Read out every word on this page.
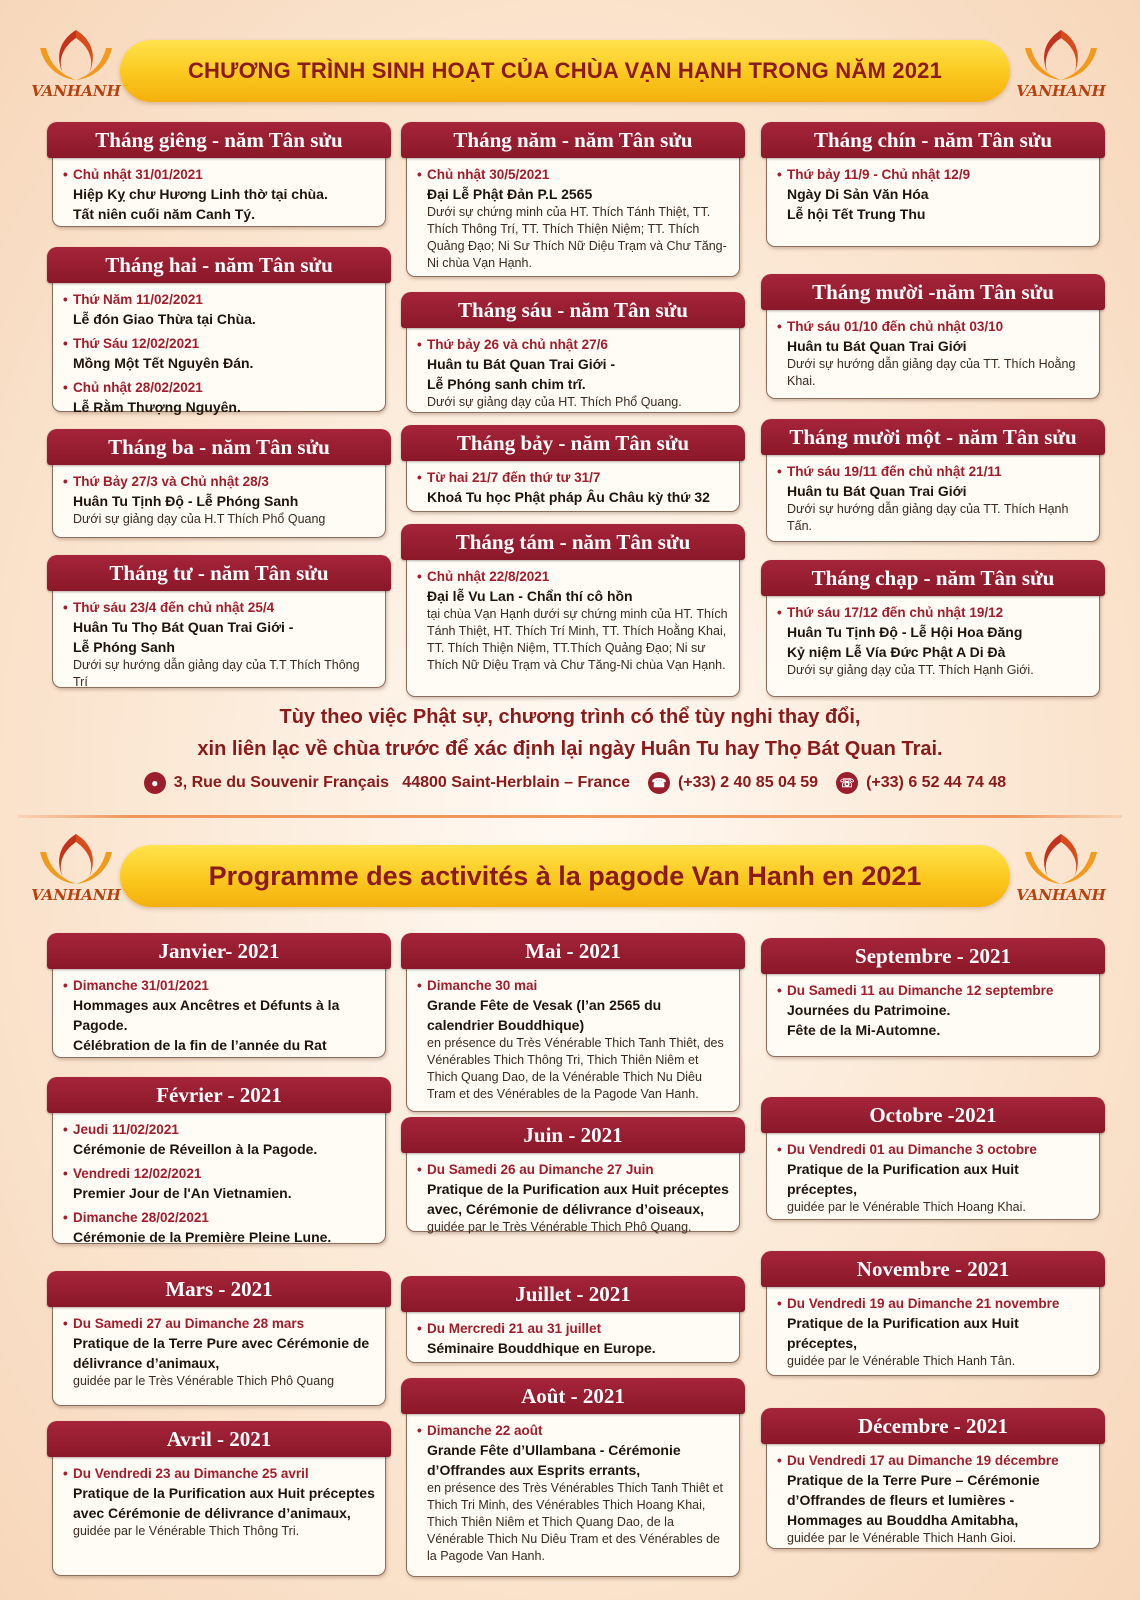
VANHANH	VANHANH
VANHANH	VANHANH
CHƯƠNG TRÌNH SINH HOẠT CỦA CHÙA VẠN HẠNH TRONG NĂM 2021
Programme des activités à la pagode Van Hanh en 2021
Tháng giêng - năm Tân sửu
• Chủ nhật 31/01/2021
Hiệp Kỵ chư Hương Linh thờ tại chùa.
Tất niên cuối năm Canh Tý.
Tháng hai - năm Tân sửu
• Thứ Năm 11/02/2021
Lễ đón Giao Thừa tại Chùa.
• Thứ Sáu 12/02/2021
Mồng Một Tết Nguyên Đán.
• Chủ nhật 28/02/2021
Lễ Rằm Thượng Nguyên.
Tháng ba - năm Tân sửu
• Thứ Bảy 27/3 và Chủ nhật 28/3
Huân Tu Tịnh Độ - Lễ Phóng Sanh
Dưới sự giảng dạy của H.T Thích Phổ Quang
Tháng tư - năm Tân sửu
• Thứ sáu 23/4 đến chủ nhật 25/4
Huân Tu Thọ Bát Quan Trai Giới -
Lễ Phóng Sanh
Dưới sự hướng dẫn giảng dạy của T.T Thích Thông Trí
Tháng năm - năm Tân sửu
• Chủ nhật 30/5/2021
Đại Lễ Phật Đản P.L 2565
Dưới sự chứng minh của HT. Thích Tánh Thiệt, TT. Thích Thông Trí, TT. Thích Thiện Niệm; TT. Thích Quảng Đạo; Ni Sư Thích Nữ Diệu Trạm và Chư Tăng-Ni chùa Vạn Hạnh.
Tháng sáu - năm Tân sửu
• Thứ bảy 26 và chủ nhật 27/6
Huân tu Bát Quan Trai Giới -
Lễ Phóng sanh chim trĩ.
Dưới sự giảng dạy của HT. Thích Phổ Quang.
Tháng bảy - năm Tân sửu
• Từ hai 21/7 đến thứ tư 31/7
Khoá Tu học Phật pháp Âu Châu kỳ thứ 32
Tháng tám - năm Tân sửu
• Chủ nhật 22/8/2021
Đại lễ Vu Lan - Chẩn thí cô hồn
tại chùa Vạn Hạnh dưới sự chứng minh của HT. Thích Tánh Thiệt, HT. Thích Trí Minh, TT. Thích Hoằng Khai, TT. Thích Thiện Niệm, TT.Thích Quảng Đạo; Ni sư Thích Nữ Diệu Trạm và Chư Tăng-Ni chùa Vạn Hạnh.
Tháng chín - năm Tân sửu
• Thứ bảy 11/9 - Chủ nhật 12/9
Ngày Di Sản Văn Hóa
Lễ hội Tết Trung Thu
Tháng mười -năm Tân sửu
• Thứ sáu 01/10 đến chủ nhật 03/10
Huân tu Bát Quan Trai Giới
Dưới sự hướng dẫn giảng dạy của TT. Thích Hoằng Khai.
Tháng mười một - năm Tân sửu
• Thứ sáu 19/11 đến chủ nhật 21/11
Huân tu Bát Quan Trai Giới
Dưới sự hướng dẫn giảng dạy của TT. Thích Hạnh Tấn.
Tháng chạp - năm Tân sửu
• Thứ sáu 17/12 đến chủ nhật 19/12
Huân Tu Tịnh Độ - Lễ Hội Hoa Đăng
Kỷ niệm Lễ Vía Đức Phật A Di Đà
Dưới sự giảng dạy của TT. Thích Hạnh Giới.
Janvier- 2021
• Dimanche 31/01/2021
Hommages aux Ancêtres et Défunts à la Pagode.
Célébration de la fin de l’année du Rat
Février - 2021
• Jeudi 11/02/2021
Cérémonie de Réveillon à la Pagode.
• Vendredi 12/02/2021
Premier Jour de l'An Vietnamien.
• Dimanche 28/02/2021
Cérémonie de la Première Pleine Lune.
Mars - 2021
• Du Samedi 27 au Dimanche 28 mars
Pratique de la Terre Pure avec Cérémonie de délivrance d’animaux,
guidée par le Très Vénérable Thich Phô Quang
Avril - 2021
• Du Vendredi 23 au Dimanche 25 avril
Pratique de la Purification aux Huit préceptes avec Cérémonie de délivrance d’animaux,
guidée par le Vénérable Thich Thông Tri.
Mai - 2021
• Dimanche 30 mai
Grande Fête de Vesak (l’an 2565 du calendrier Bouddhique)
en présence du Très Vénérable Thich Tanh Thiêt, des Vénérables Thich Thông Tri, Thich Thiên Niêm et Thich Quang Dao, de la Vénérable Thich Nu Diêu Tram et des Vénérables de la Pagode Van Hanh.
Juin - 2021
• Du Samedi 26 au Dimanche 27 Juin
Pratique de la Purification aux Huit préceptes avec, Cérémonie de délivrance d’oiseaux,
guidée par le Très Vénérable Thich Phô Quang.
Juillet - 2021
• Du Mercredi 21 au 31 juillet
Séminaire Bouddhique en Europe.
Août - 2021
• Dimanche 22 août
Grande Fête d’Ullambana - Cérémonie d’Offrandes aux Esprits errants,
en présence des Très Vénérables Thich Tanh Thiêt et Thich Tri Minh, des Vénérables Thich Hoang Khai, Thich Thiên Niêm et Thich Quang Dao, de la Vénérable Thich Nu Diêu Tram et des Vénérables de la Pagode Van Hanh.
Septembre - 2021
• Du Samedi 11 au Dimanche 12 septembre
Journées du Patrimoine.
Fête de la Mi-Automne.
Octobre -2021
• Du Vendredi 01 au Dimanche 3 octobre
Pratique de la Purification aux Huit préceptes,
guidée par le Vénérable Thich Hoang Khai.
Novembre - 2021
• Du Vendredi 19 au Dimanche 21 novembre
Pratique de la Purification aux Huit préceptes,
guidée par le Vénérable Thich Hanh Tân.
Décembre - 2021
• Du Vendredi 17 au Dimanche 19 décembre
Pratique de la Terre Pure – Cérémonie d’Offrandes de fleurs et lumières -
Hommages au Bouddha Amitabha,
guidée par le Vénérable Thich Hanh Gioi.
Tùy theo việc Phật sự, chương trình có thể tùy nghi thay đổi,
xin liên lạc về chùa trước để xác định lại ngày Huân Tu hay Thọ Bát Quan Trai.
● 3, Rue du Souvenir Français   44800 Saint-Herblain – France ☎ (+33) 2 40 85 04 59 ☏ (+33) 6 52 44 74 48
